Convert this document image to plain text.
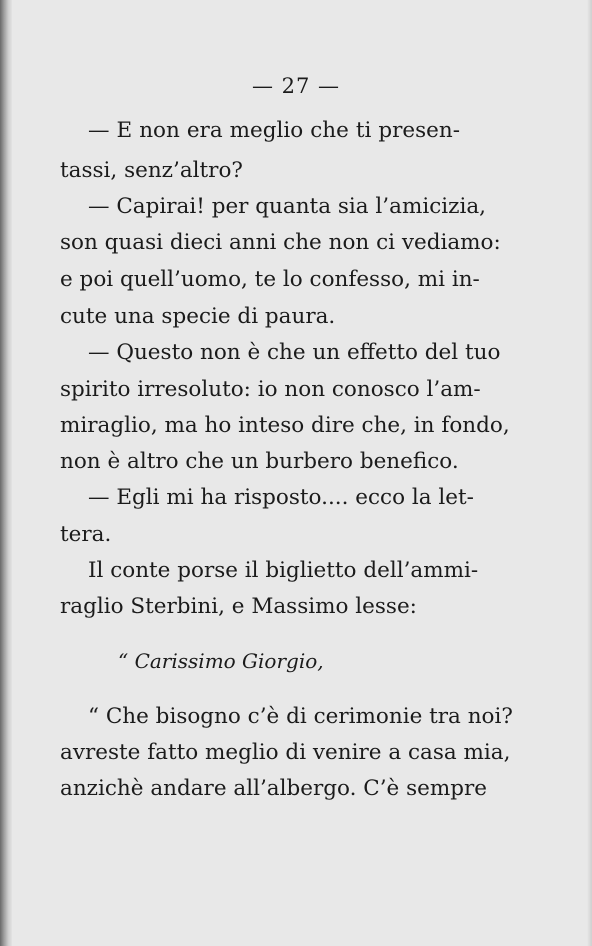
— 27 —
— E non era meglio che ti presen-
tassi, senz’altro?
— Capirai! per quanta sia l’amicizia,
son quasi dieci anni che non ci vediamo:
e poi quell’uomo, te lo confesso, mi in-
cute una specie di paura.
— Questo non è che un effetto del tuo
spirito irresoluto: io non conosco l’am-
miraglio, ma ho inteso dire che, in fondo,
non è altro che un burbero benefico.
— Egli mi ha risposto.... ecco la let-
tera.
Il conte porse il biglietto dell’ammi-
raglio Sterbini, e Massimo lesse:
“ Carissimo Giorgio,
“ Che bisogno c’è di cerimonie tra noi?
avreste fatto meglio di venire a casa mia,
anzichè andare all’albergo. C’è sempre
